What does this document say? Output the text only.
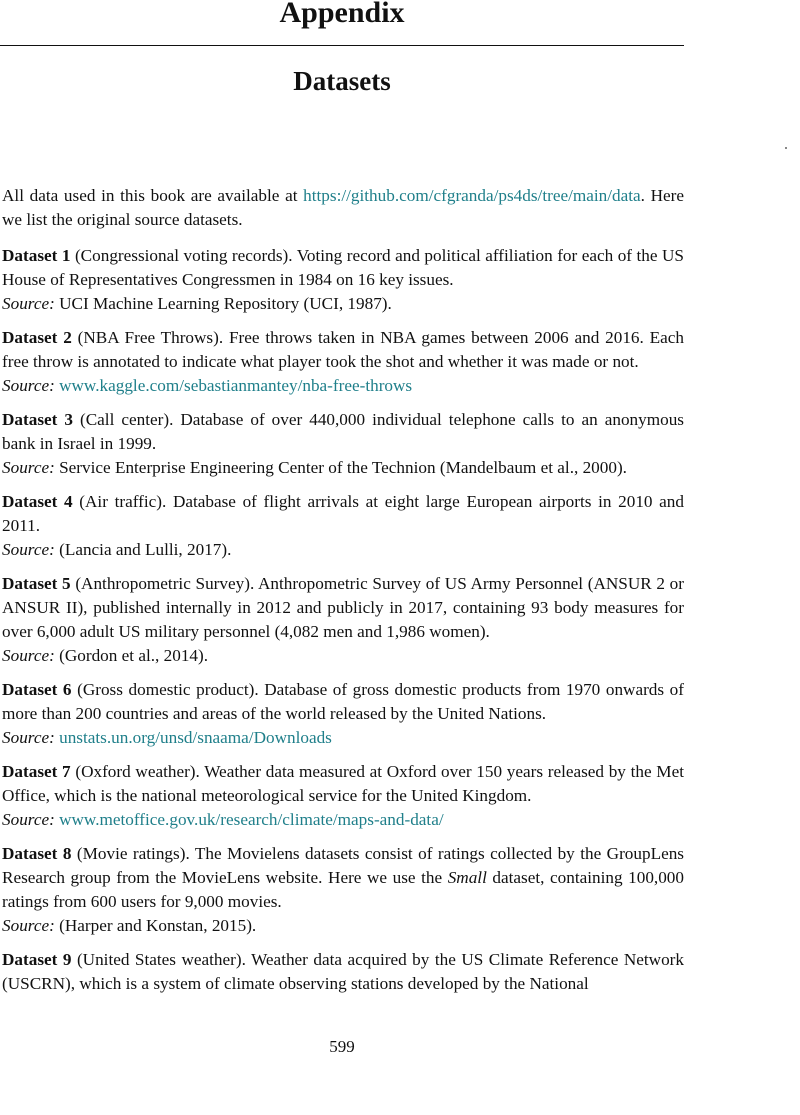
Appendix
Datasets

All data used in this book are available at https://github.com/cfgranda/ps4ds/tree/main/data. Here we list the original source datasets.

Dataset 1 (Congressional voting records). Voting record and political affiliation for each of the US House of Representatives Congressmen in 1984 on 16 key issues.

Source: UCI Machine Learning Repository (UCI, 1987).

Dataset 2 (NBA Free Throws). Free throws taken in NBA games between 2006 and 2016. Each free throw is annotated to indicate what player took the shot and whether it was made or not.

Source: www.kaggle.com/sebastianmantey/nba-free-throws

Dataset 3 (Call center). Database of over 440,000 individual telephone calls to an anonymous bank in Israel in 1999.

Source: Service Enterprise Engineering Center of the Technion (Mandelbaum et al., 2000).

Dataset 4 (Air traffic). Database of flight arrivals at eight large European airports in 2010 and 2011.

Source: (Lancia and Lulli, 2017).

Dataset 5 (Anthropometric Survey). Anthropometric Survey of US Army Personnel (ANSUR 2 or ANSUR II), published internally in 2012 and publicly in 2017, containing 93 body measures for over 6,000 adult US military personnel (4,082 men and 1,986 women).

Source: (Gordon et al., 2014).

Dataset 6 (Gross domestic product). Database of gross domestic products from 1970 onwards of more than 200 countries and areas of the world released by the United Nations.

Source: unstats.un.org/unsd/snaama/Downloads

Dataset 7 (Oxford weather). Weather data measured at Oxford over 150 years released by the Met Office, which is the national meteorological service for the United Kingdom.

Source: www.metoffice.gov.uk/research/climate/maps-and-data/

Dataset 8 (Movie ratings). The Movielens datasets consist of ratings collected by the GroupLens Research group from the MovieLens website. Here we use the Small dataset, containing 100,000 ratings from 600 users for 9,000 movies.

Source: (Harper and Konstan, 2015).

Dataset 9 (United States weather). Weather data acquired by the US Climate Reference Network (USCRN), which is a system of climate observing stations developed by the National

599
